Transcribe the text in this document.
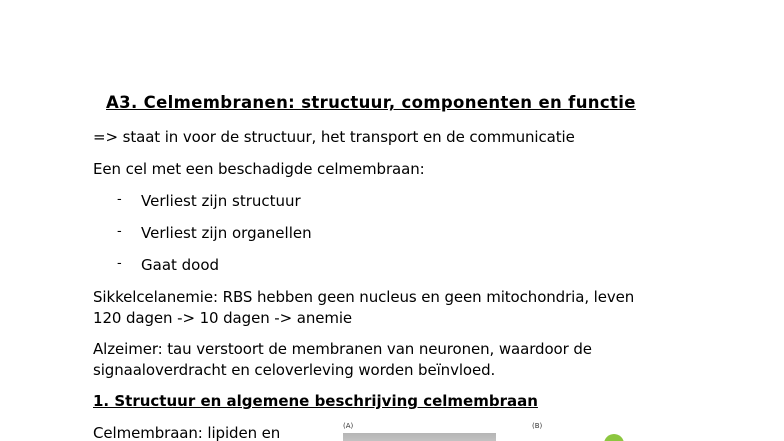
A3. Celmembranen: structuur, componenten en functie
=> staat in voor de structuur, het transport en de communicatie
Een cel met een beschadigde celmembraan:
- Verliest zijn structuur
- Verliest zijn organellen
- Gaat dood
Sikkelcelanemie: RBS hebben geen nucleus en geen mitochondria, leven
120 dagen -> 10 dagen -> anemie
Alzeimer: tau verstoort de membranen van neuronen, waardoor de
signaaloverdracht en celoverleving worden beïnvloed.
1. Structuur en algemene beschrijving celmembraan
Celmembraan: lipiden en	(A)	(B)
